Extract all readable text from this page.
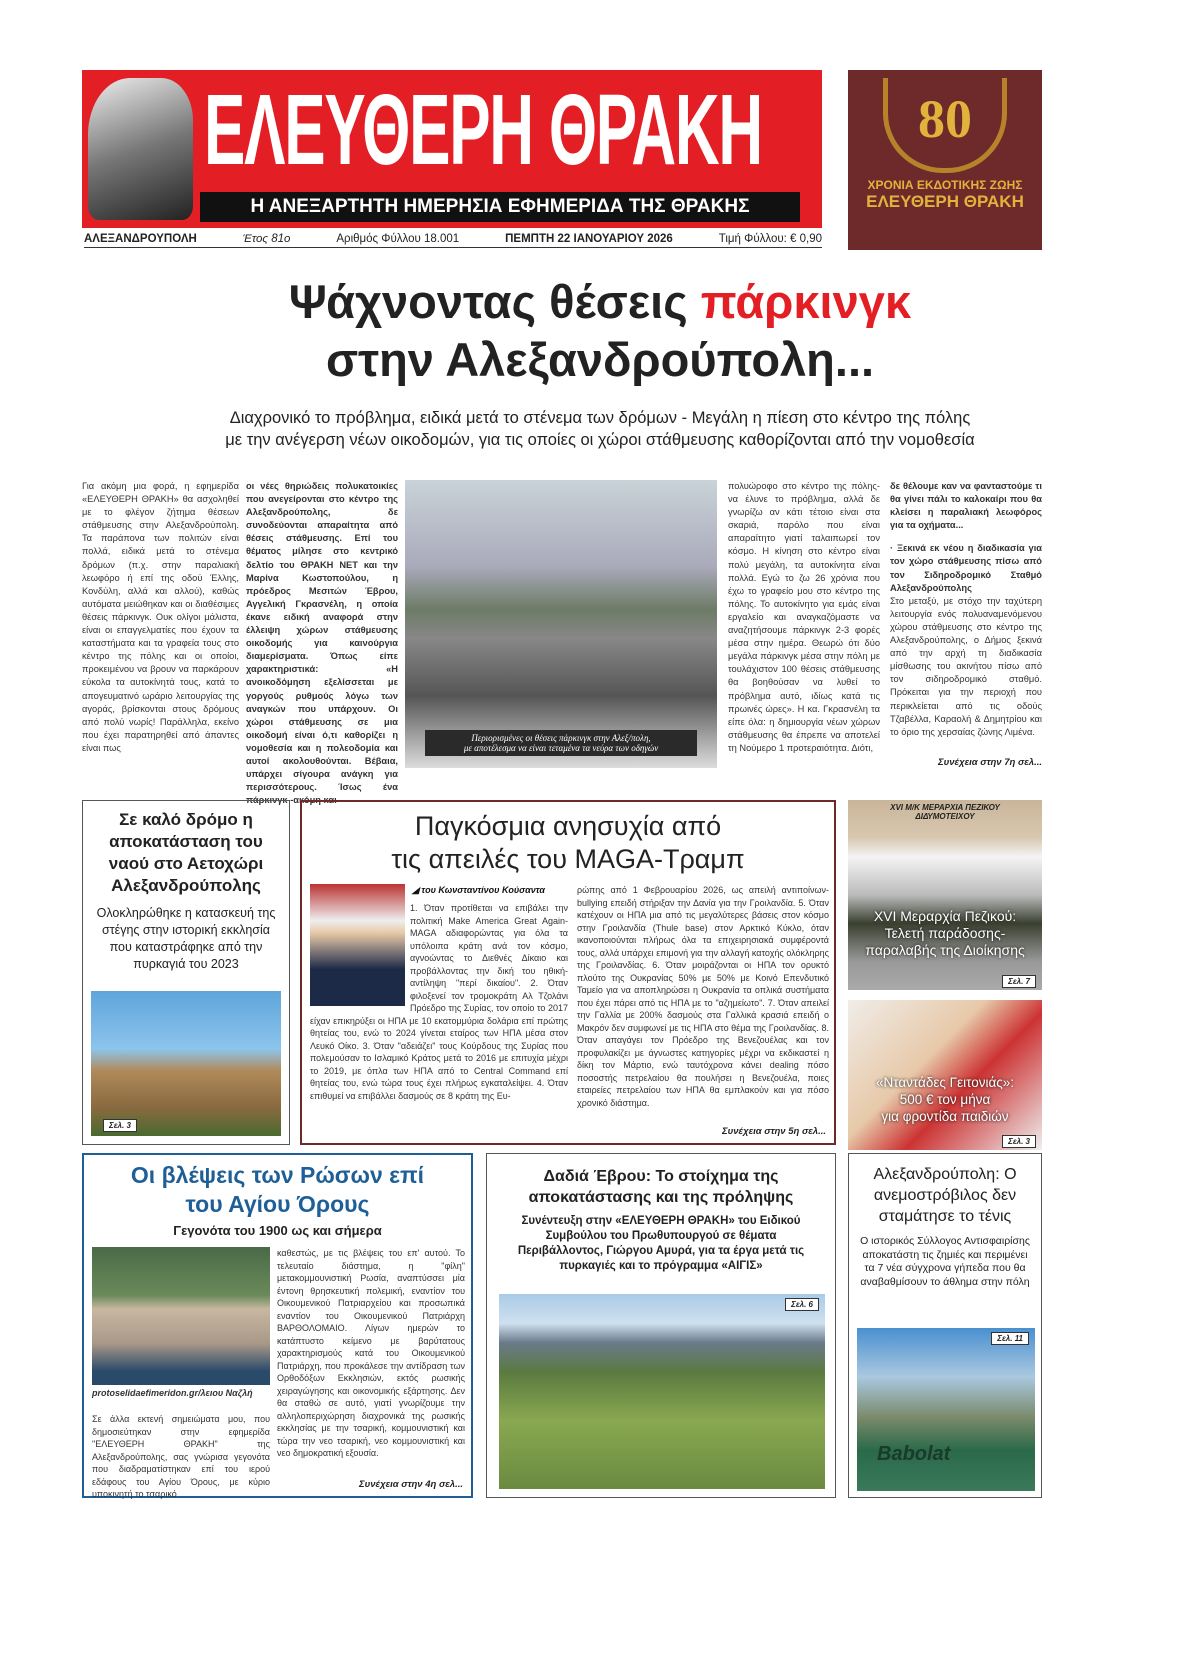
ΕΛΕΥΘΕΡΗ ΘΡΑΚΗ
Η ΑΝΕΞΑΡΤΗΤΗ ΗΜΕΡΗΣΙΑ ΕΦΗΜΕΡΙΔΑ ΤΗΣ ΘΡΑΚΗΣ
80
ΧΡΟΝΙΑ ΕΚΔΟΤΙΚΗΣ ΖΩΗΣ
ΕΛΕΥΘΕΡΗ ΘΡΑΚΗ
ΑΛΕΞΑΝΔΡΟΥΠΟΛΗ	Έτος 81ο	Αριθμός Φύλλου 18.001	ΠΕΜΠΤΗ 22 ΙΑΝΟΥΑΡΙΟΥ 2026	Τιμή Φύλλου: € 0,90
Ψάχνοντας θέσεις πάρκινγκ
στην Αλεξανδρούπολη...
Διαχρονικό το πρόβλημα, ειδικά μετά το στένεμα των δρόμων - Μεγάλη η πίεση στο κέντρο της πόλης
με την ανέγερση νέων οικοδομών, για τις οποίες οι χώροι στάθμευσης καθορίζονται από την νομοθεσία
Για ακόμη μια φορά, η εφημερίδα «ΕΛΕΥΘΕΡΗ ΘΡΑΚΗ» θα ασχοληθεί με το φλέγον ζήτημα θέσεων στάθμευσης στην Αλεξανδρούπολη. Τα παράπονα των πολιτών είναι πολλά, ειδικά μετά το στένεμα δρόμων (π.χ. στην παραλιακή λεωφόρο ή επί της οδού Έλλης, Κονδύλη, αλλά και αλλού), καθώς αυτόματα μειώθηκαν και οι διαθέσιμες θέσεις πάρκινγκ. Ουκ ολίγοι μάλιστα, είναι οι επαγγελματίες που έχουν τα καταστήματα και τα γραφεία τους στο κέντρο της πόλης και οι οποίοι, προκειμένου να βρουν να παρκάρουν εύκολα τα αυτοκίνητά τους, κατά το απογευματινό ωράριο λειτουργίας της αγοράς, βρίσκονται στους δρόμους από πολύ νωρίς! Παράλληλα, εκείνο που έχει παρατηρηθεί από άπαντες είναι πως
οι νέες θηριώδεις πολυκατοικίες που ανεγείρονται στο κέντρο της Αλεξανδρούπολης, δε συνοδεύονται απαραίτητα από θέσεις στάθμευσης. Επί του θέματος μίλησε στο κεντρικό δελτίο του ΘΡΑΚΗ NET και την Μαρίνα Κωστοπούλου, η πρόεδρος Μεσιτών Έβρου, Αγγελική Γκρασνέλη, η οποία έκανε ειδική αναφορά στην έλλειψη χώρων στάθμευσης οικοδομής για καινούργια διαμερίσματα. Όπως είπε χαρακτηριστικά: «Η ανοικοδόμηση εξελίσσεται με γοργούς ρυθμούς λόγω των αναγκών που υπάρχουν. Οι χώροι στάθμευσης σε μια οικοδομή είναι ό,τι καθορίζει η νομοθεσία και η πολεοδομία και αυτοί ακολουθούνται. Βέβαια, υπάρχει σίγουρα ανάγκη για περισσότερους. Ίσως ένα πάρκινγκ -ακόμη και
Περιορισμένες οι θέσεις πάρκινγκ στην Αλεξ/πολη,
με αποτέλεσμα να είναι τεταμένα τα νεύρα των οδηγών
πολυώροφο στο κέντρο της πόλης- να έλυνε το πρόβλημα, αλλά δε γνωρίζω αν κάτι τέτοιο είναι στα σκαριά, παρόλο που είναι απαραίτητο γιατί ταλαιπωρεί τον κόσμο. Η κίνηση στο κέντρο είναι πολύ μεγάλη, τα αυτοκίνητα είναι πολλά. Εγώ το ζω 26 χρόνια που έχω το γραφείο μου στο κέντρο της πόλης. Το αυτοκίνητο για εμάς είναι εργαλείο και αναγκαζόμαστε να αναζητήσουμε πάρκινγκ 2-3 φορές μέσα στην ημέρα. Θεωρώ ότι δύο μεγάλα πάρκινγκ μέσα στην πόλη με τουλάχιστον 100 θέσεις στάθμευσης θα βοηθούσαν να λυθεί το πρόβλημα αυτό, ιδίως κατά τις πρωινές ώρες». Η κα. Γκρασνέλη τα είπε όλα: η δημιουργία νέων χώρων στάθμευσης θα έπρεπε να αποτελεί τη Νούμερο 1 προτεραιότητα. Διότι,

δε θέλουμε καν να φανταστούμε τι θα γίνει πάλι το καλοκαίρι που θα κλείσει η παραλιακή λεωφόρος για τα οχήματα...

· Ξεκινά εκ νέου η διαδικασία για τον χώρο στάθμευσης πίσω από τον Σιδηροδρομικό Σταθμό Αλεξανδρούπολης

Στο μεταξύ, με στόχο την ταχύτερη λειτουργία ενός πολυαναμενόμενου χώρου στάθμευσης στο κέντρο της Αλεξανδρούπολης, ο Δήμος ξεκινά από την αρχή τη διαδικασία μίσθωσης του ακινήτου πίσω από τον σιδηροδρομικό σταθμό. Πρόκειται για την περιοχή που περικλείεται από τις οδούς Τζαβέλλα, Καραολή & Δημητρίου και το όριο της χερσαίας ζώνης Λιμένα.

Συνέχεια στην 7η σελ...
Σε καλό δρόμο η αποκατάσταση του ναού στο Αετοχώρι Αλεξανδρούπολης
Ολοκληρώθηκε η κατασκευή της στέγης στην ιστορική εκκλησία που καταστράφηκε από την πυρκαγιά του 2023
Σελ. 3
Παγκόσμια ανησυχία από
τις απειλές του MAGA-Τραμπ
◢ του Κωνσταντίνου Κούσαντα
1. Όταν προτίθεται να επιβάλει την πολιτική Make America Great Again-MAGA αδιαφορώντας για όλα τα υπόλοιπα κράτη ανά τον κόσμο, αγνοώντας το Διεθνές Δίκαιο και προβάλλοντας την δική του ηθική-αντίληψη "περί δικαίου". 2. Όταν φιλοξενεί τον τρομοκράτη Αλ Τζολάνι Πρόεδρο της Συρίας, τον οποίο το 2017 είχαν επικηρύξει οι ΗΠΑ με 10 εκατομμύρια δολάρια επί πρώτης θητείας του, ενώ το 2024 γίνεται εταίρος των ΗΠΑ μέσα στον Λευκό Οίκο. 3. Όταν "αδειάζει" τους Κούρδους της Συρίας που πολεμούσαν το Ισλαμικό Κράτος μετά το 2016 με επιτυχία μέχρι το 2019, με όπλα των ΗΠΑ από το Central Command επί θητείας του, ενώ τώρα τους έχει πλήρως εγκαταλείψει. 4. Όταν επιθυμεί να επιβάλλει δασμούς σε 8 κράτη της Ευ-
ρώπης από 1 Φεβρουαρίου 2026, ως απειλή αντιποίνων-bullying επειδή στήριξαν την Δανία για την Γροιλανδία. 5. Όταν κατέχουν οι ΗΠΑ μια από τις μεγαλύτερες βάσεις στον κόσμο στην Γροιλανδία (Thule base) στον Αρκτικό Κύκλο, όταν ικανοποιούνται πλήρως όλα τα επιχειρησιακά συμφέροντά τους, αλλά υπάρχει επιμονή για την αλλαγή κατοχής ολόκληρης της Γροιλανδίας. 6. Όταν μοιράζονται οι ΗΠΑ τον ορυκτό πλούτο της Ουκρανίας 50% με 50% με Κοινό Επενδυτικό Ταμείο για να αποπληρώσει η Ουκρανία τα οπλικά συστήματα που έχει πάρει από τις ΗΠΑ με το "αζημείωτο". 7. Όταν απειλεί την Γαλλία με 200% δασμούς στα Γαλλικά κρασιά επειδή ο Μακρόν δεν συμφωνεί με τις ΗΠΑ στο θέμα της Γροιλανδίας. 8. Όταν απαγάγει τον Πρόεδρο της Βενεζουέλας και τον προφυλακίζει με άγνωστες κατηγορίες μέχρι να εκδικαστεί η δίκη τον Μάρτιο, ενώ ταυτόχρονα κάνει dealing πόσο ποσοστής πετρελαίου θα πουλήσει η Βενεζουέλα, ποιες εταιρείες πετρελαίου των ΗΠΑ θα εμπλακούν και για πόσο χρονικό διάστημα.
Συνέχεια στην 5η σελ...
XVI Μ/Κ ΜΕΡΑΡΧΙΑ ΠΕΖΙΚΟΥ
ΔΙΔΥΜΟΤΕΙΧΟΥ
XVI Μεραρχία Πεζικού:
Τελετή παράδοσης-
παραλαβής της Διοίκησης
Σελ. 7
«Νταντάδες Γειτονιάς»:
500 € τον μήνα
για φροντίδα παιδιών
Σελ. 3
Οι βλέψεις των Ρώσων επί του Αγίου Όρους
Γεγονότα του 1900 ως και σήμερα
protoselidaefimeridon.gr/λειου Ναζλή
Σε άλλα εκτενή σημειώματα μου, που δημοσιεύτηκαν στην εφημερίδα "ΕΛΕΥΘΕΡΗ ΘΡΑΚΗ" της Αλεξανδρούπολης, σας γνώρισα γεγονότα που διαδραματίστηκαν επί του ιερού εδάφους του Αγίου Όρους, με κύριο υποκινητή το τσαρικό
καθεστώς, με τις βλέψεις του επ' αυτού. Το τελευταίο διάστημα, η "φίλη" μετακομμουνιστική Ρωσία, αναπτύσσει μία έντονη θρησκευτική πολεμική, εναντίον του Οικουμενικού Πατριαρχείου και προσωπικά εναντίον του Οικουμενικού Πατριάρχη ΒΑΡΘΟΛΟΜΑΙΟ. Λίγων ημερών το κατάπτυστο κείμενο με βαρύτατους χαρακτηρισμούς κατά του Οικουμενικού Πατριάρχη, που προκάλεσε την αντίδραση των Ορθοδόξων Εκκλησιών, εκτός ρωσικής χειραγώγησης και οικονομικής εξάρτησης. Δεν θα σταθώ σε αυτό, γιατί γνωρίζουμε την αλληλοπεριχώρηση διαχρονικά της ρωσικής εκκλησίας με την τσαρική, κομμουνιστική και τώρα την νεο τσαρική, νεο κομμουνιστική και νεο δημοκρατική εξουσία.
Συνέχεια στην 4η σελ...
Δαδιά Έβρου: Το στοίχημα της αποκατάστασης και της πρόληψης
Συνέντευξη στην «ΕΛΕΥΘΕΡΗ ΘΡΑΚΗ» του Ειδικού Συμβούλου του Πρωθυπουργού σε θέματα Περιβάλλοντος, Γιώργου Αμυρά, για τα έργα μετά τις πυρκαγιές και το πρόγραμμα «ΑΙΓΙΣ»
Σελ. 6
Αλεξανδρούπολη: Ο ανεμοστρόβιλος δεν σταμάτησε το τένις
Ο ιστορικός Σύλλογος Αντισφαιρίσης αποκατάστη τις ζημιές και περιμένει τα 7 νέα σύγχρονα γήπεδα που θα αναβαθμίσουν το άθλημα στην πόλη
Σελ. 11
Babolat
